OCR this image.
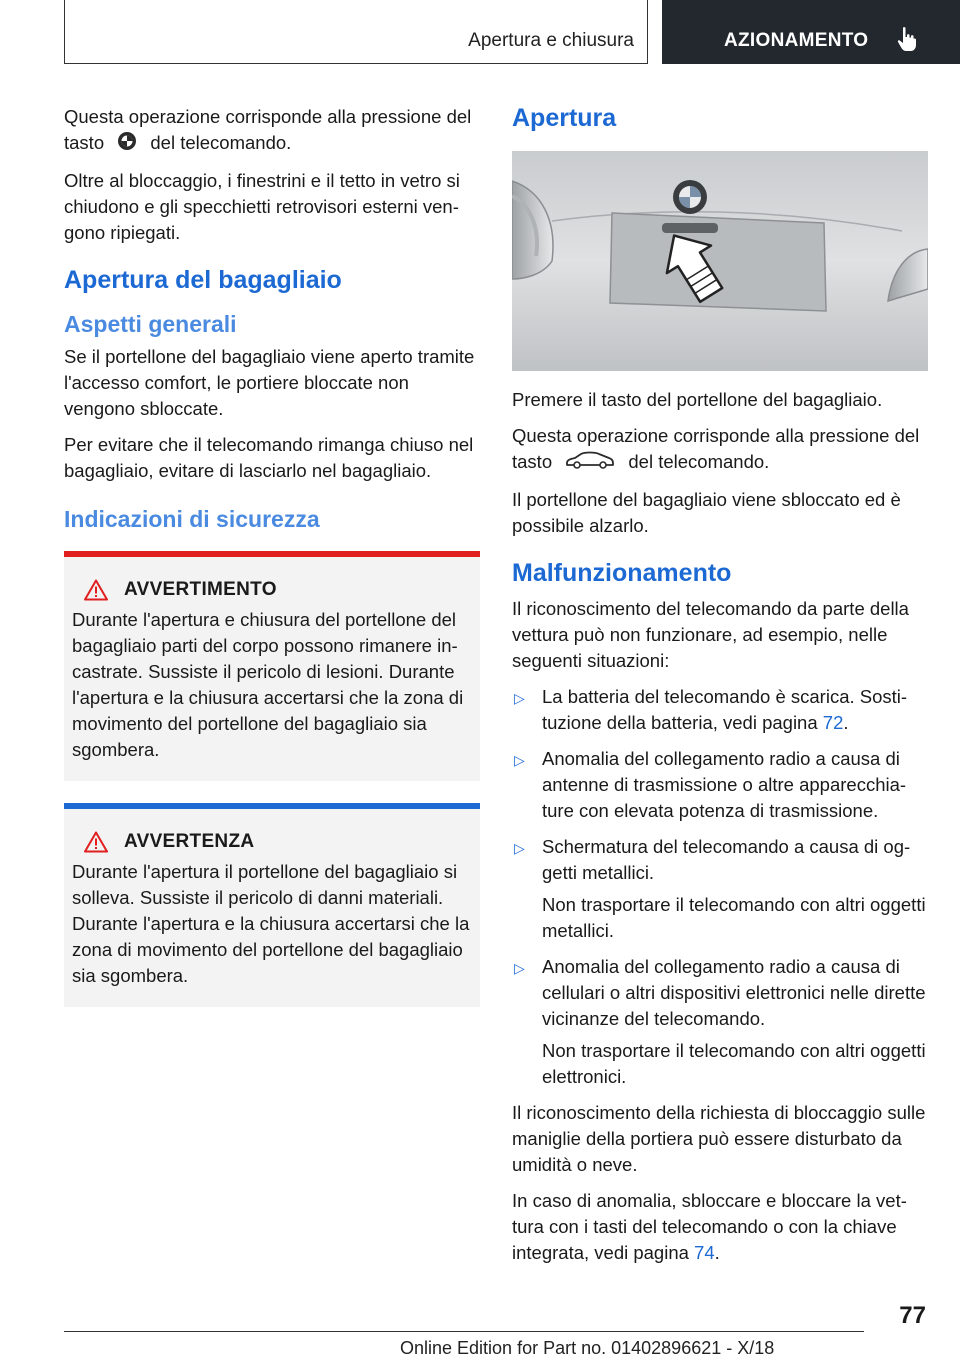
Apertura e chiusura	AZIONAMENTO

Questa operazione corrisponde alla pressione del tasto	del telecomando.

Oltre al bloccaggio, i finestrini e il tetto in vetro si chiudono e gli specchietti retrovisori esterni vengono ripiegati.

Apertura del bagagliaio
Aspetti generali

Se il portellone del bagagliaio viene aperto tramite l'accesso comfort, le portiere bloccate non vengono sbloccate.

Per evitare che il telecomando rimanga chiuso nel bagagliaio, evitare di lasciarlo nel bagagliaio.

Indicazioni di sicurezza
AVVERTIMENTO

Durante l'apertura e chiusura del portellone del bagagliaio parti del corpo possono rimanere incastrate. Sussiste il pericolo di lesioni. Durante l'apertura e la chiusura accertarsi che la zona di movimento del portellone del bagagliaio sia sgombera.

AVVERTENZA

Durante l'apertura il portellone del bagagliaio si solleva. Sussiste il pericolo di danni materiali. Durante l'apertura e la chiusura accertarsi che la zona di movimento del portellone del bagagliaio sia sgombera.

Apertura

Premere il tasto del portellone del bagagliaio.

Questa operazione corrisponde alla pressione del tasto	del telecomando.

Il portellone del bagagliaio viene sbloccato ed è possibile alzarlo.

Malfunzionamento

Il riconoscimento del telecomando da parte della vettura può non funzionare, ad esempio, nelle seguenti situazioni:

▷ La batteria del telecomando è scarica. Sostituzione della batteria, vedi pagina 72.
▷ Anomalia del collegamento radio a causa di antenne di trasmissione o altre apparecchiature con elevata potenza di trasmissione.
▷ Schermatura del telecomando a causa di oggetti metallici.

Non trasportare il telecomando con altri oggetti metallici.

▷ Anomalia del collegamento radio a causa di cellulari o altri dispositivi elettronici nelle dirette vicinanze del telecomando.

Non trasportare il telecomando con altri oggetti elettronici.

Il riconoscimento della richiesta di bloccaggio sulle maniglie della portiera può essere disturbato da umidità o neve.

In caso di anomalia, sbloccare e bloccare la vettura con i tasti del telecomando o con la chiave integrata, vedi pagina 74.

77
Online Edition for Part no. 01402896621 - X/18
